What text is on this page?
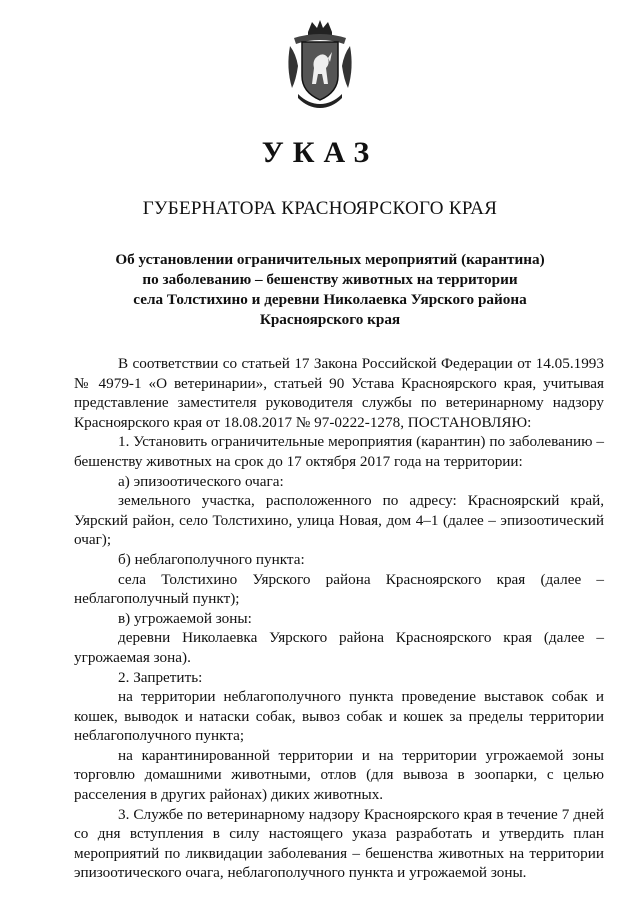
УКАЗ
ГУБЕРНАТОРА КРАСНОЯРСКОГО КРАЯ
Об установлении ограничительных мероприятий (карантина)
по заболеванию – бешенству животных на территории
села Толстихино и деревни Николаевка Уярского района
Красноярского края

В соответствии со статьей 17 Закона Российской Федерации от 14.05.1993 № 4979-1 «О ветеринарии», статьей 90 Устава Красноярского края, учитывая представление заместителя руководителя службы по ветеринарному надзору Красноярского края от 18.08.2017 № 97-0222-1278, ПОСТАНОВЛЯЮ:

1. Установить ограничительные мероприятия (карантин) по заболеванию – бешенству животных на срок до 17 октября 2017 года на территории:

а) эпизоотического очага:

земельного участка, расположенного по адресу: Красноярский край, Уярский район, село Толстихино, улица Новая, дом 4–1 (далее – эпизоотический очаг);

б) неблагополучного пункта:

села Толстихино Уярского района Красноярского края (далее – неблагополучный пункт);

в) угрожаемой зоны:

деревни Николаевка Уярского района Красноярского края (далее – угрожаемая зона).

2. Запретить:

на территории неблагополучного пункта проведение выставок собак и кошек, выводок и натаски собак, вывоз собак и кошек за пределы территории неблагополучного пункта;

на карантинированной территории и на территории угрожаемой зоны торговлю домашними животными, отлов (для вывоза в зоопарки, с целью расселения в других районах) диких животных.

3. Службе по ветеринарному надзору Красноярского края в течение 7 дней со дня вступления в силу настоящего указа разработать и утвердить план мероприятий по ликвидации заболевания – бешенства животных на территории эпизоотического очага, неблагополучного пункта и угрожаемой зоны.
